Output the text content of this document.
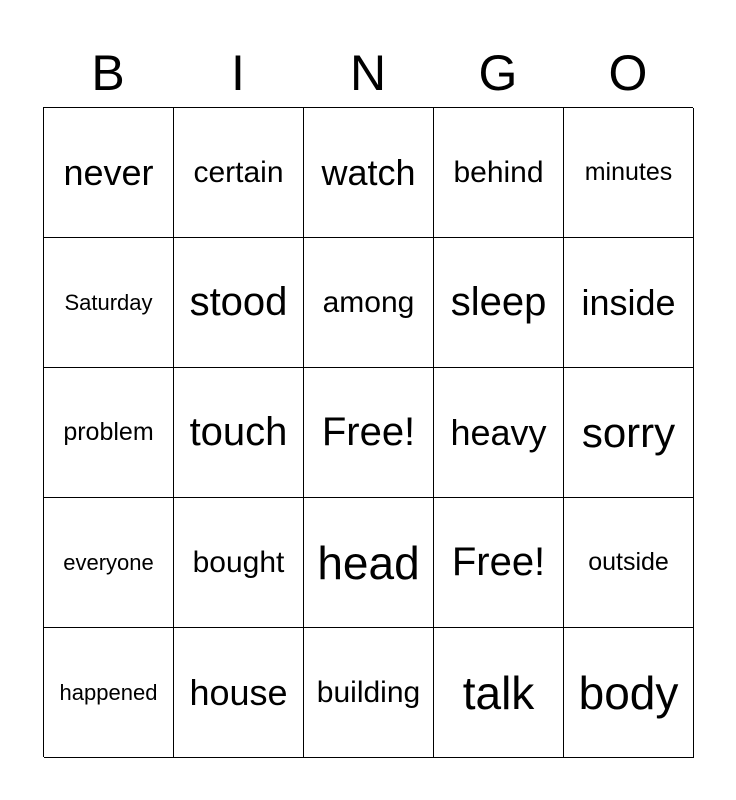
B	I	N	G	O
never certain watch behind minutes
Saturday stood among sleep inside
problem touch Free! heavy sorry
everyone bought head Free! outside
happened house building talk body
